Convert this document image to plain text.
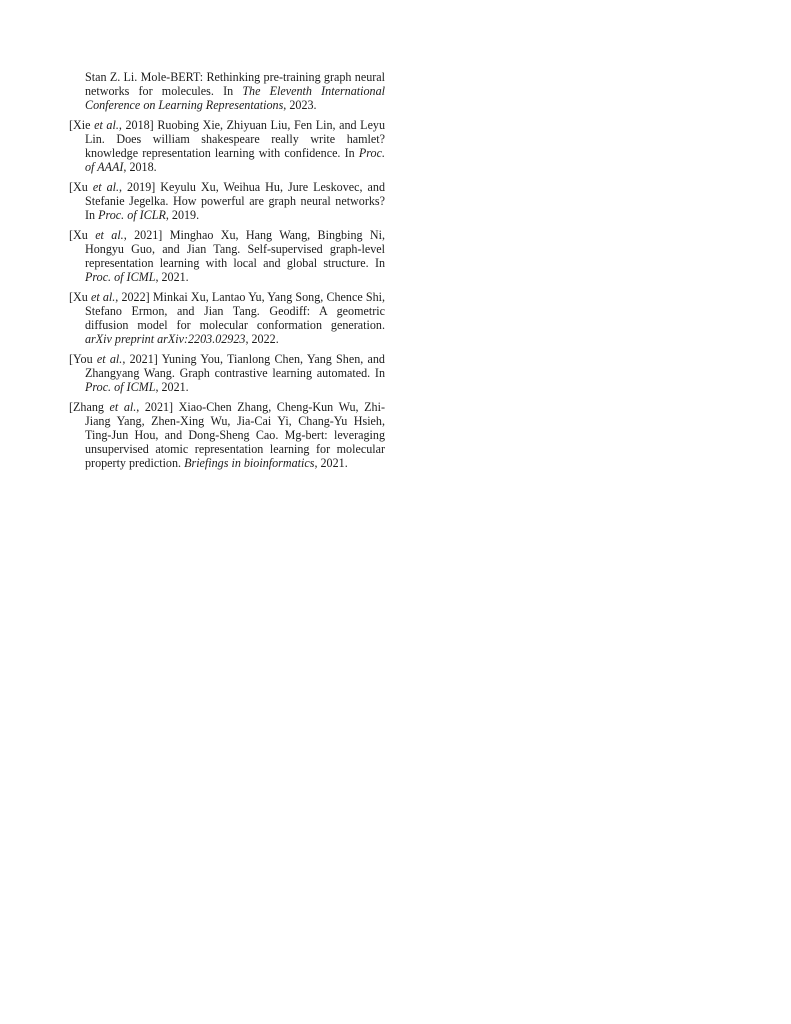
Stan Z. Li. Mole-BERT: Rethinking pre-training graph neural networks for molecules. In The Eleventh International Conference on Learning Representations, 2023.
[Xie et al., 2018] Ruobing Xie, Zhiyuan Liu, Fen Lin, and Leyu Lin. Does william shakespeare really write hamlet? knowledge representation learning with confidence. In Proc. of AAAI, 2018.
[Xu et al., 2019] Keyulu Xu, Weihua Hu, Jure Leskovec, and Stefanie Jegelka. How powerful are graph neural networks? In Proc. of ICLR, 2019.
[Xu et al., 2021] Minghao Xu, Hang Wang, Bingbing Ni, Hongyu Guo, and Jian Tang. Self-supervised graph-level representation learning with local and global structure. In Proc. of ICML, 2021.
[Xu et al., 2022] Minkai Xu, Lantao Yu, Yang Song, Chence Shi, Stefano Ermon, and Jian Tang. Geodiff: A geometric diffusion model for molecular conformation generation. arXiv preprint arXiv:2203.02923, 2022.
[You et al., 2021] Yuning You, Tianlong Chen, Yang Shen, and Zhangyang Wang. Graph contrastive learning automated. In Proc. of ICML, 2021.
[Zhang et al., 2021] Xiao-Chen Zhang, Cheng-Kun Wu, Zhi-Jiang Yang, Zhen-Xing Wu, Jia-Cai Yi, Chang-Yu Hsieh, Ting-Jun Hou, and Dong-Sheng Cao. Mg-bert: leveraging unsupervised atomic representation learning for molecular property prediction. Briefings in bioinformatics, 2021.
